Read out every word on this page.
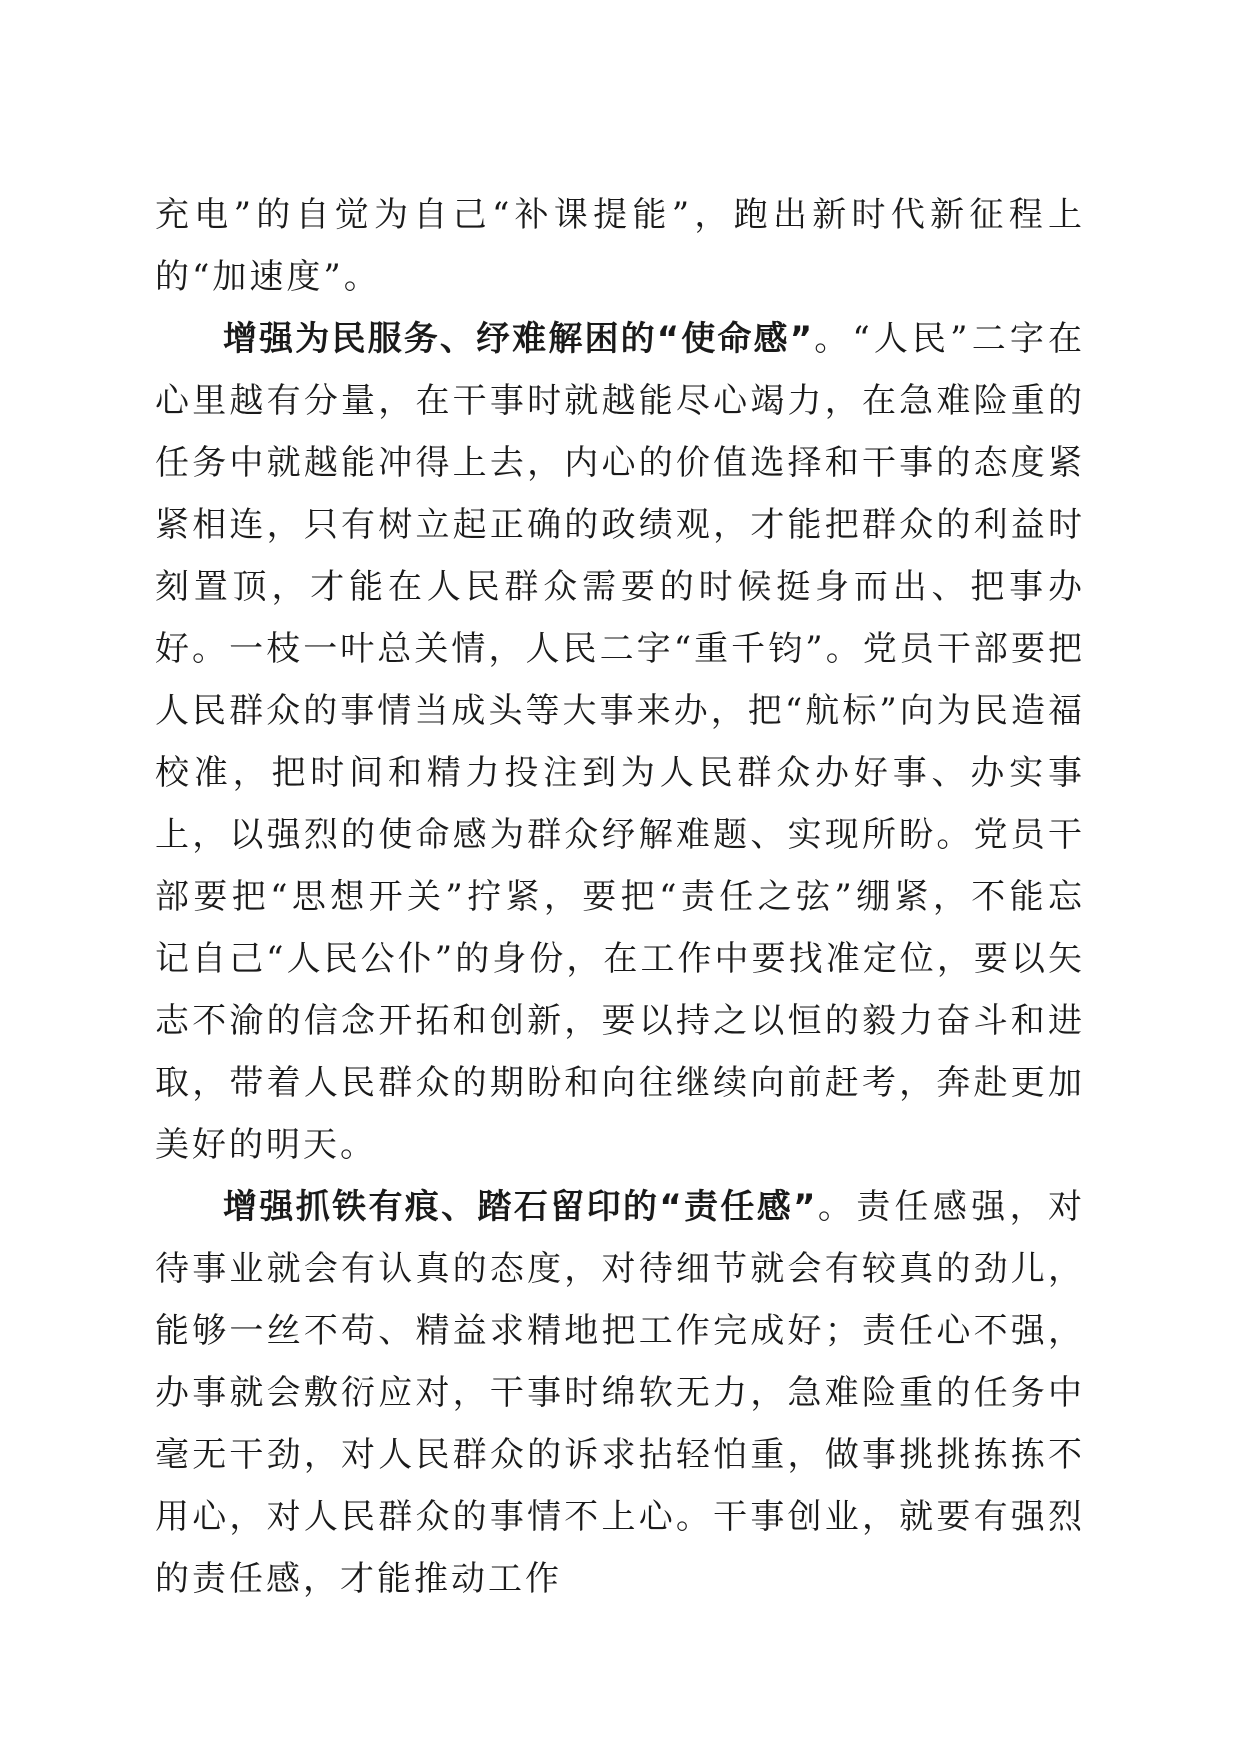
充电”的自觉为自己“补课提能”，跑出新时代新征程上的“加速度”。

增强为民服务、纾难解困的“使命感”。“人民”二字在心里越有分量，在干事时就越能尽心竭力，在急难险重的任务中就越能冲得上去，内心的价值选择和干事的态度紧紧相连，只有树立起正确的政绩观，才能把群众的利益时刻置顶，才能在人民群众需要的时候挺身而出、把事办好。一枝一叶总关情，人民二字“重千钧”。党员干部要把人民群众的事情当成头等大事来办，把“航标”向为民造福校准，把时间和精力投注到为人民群众办好事、办实事上，以强烈的使命感为群众纾解难题、实现所盼。党员干部要把“思想开关”拧紧，要把“责任之弦”绷紧，不能忘记自己“人民公仆”的身份，在工作中要找准定位，要以矢志不渝的信念开拓和创新，要以持之以恒的毅力奋斗和进取，带着人民群众的期盼和向往继续向前赶考，奔赴更加美好的明天。

增强抓铁有痕、踏石留印的“责任感”。责任感强，对待事业就会有认真的态度，对待细节就会有较真的劲儿，能够一丝不苟、精益求精地把工作完成好；责任心不强，办事就会敷衍应对，干事时绵软无力，急难险重的任务中毫无干劲，对人民群众的诉求拈轻怕重，做事挑挑拣拣不用心，对人民群众的事情不上心。干事创业，就要有强烈的责任感，才能推动工作
